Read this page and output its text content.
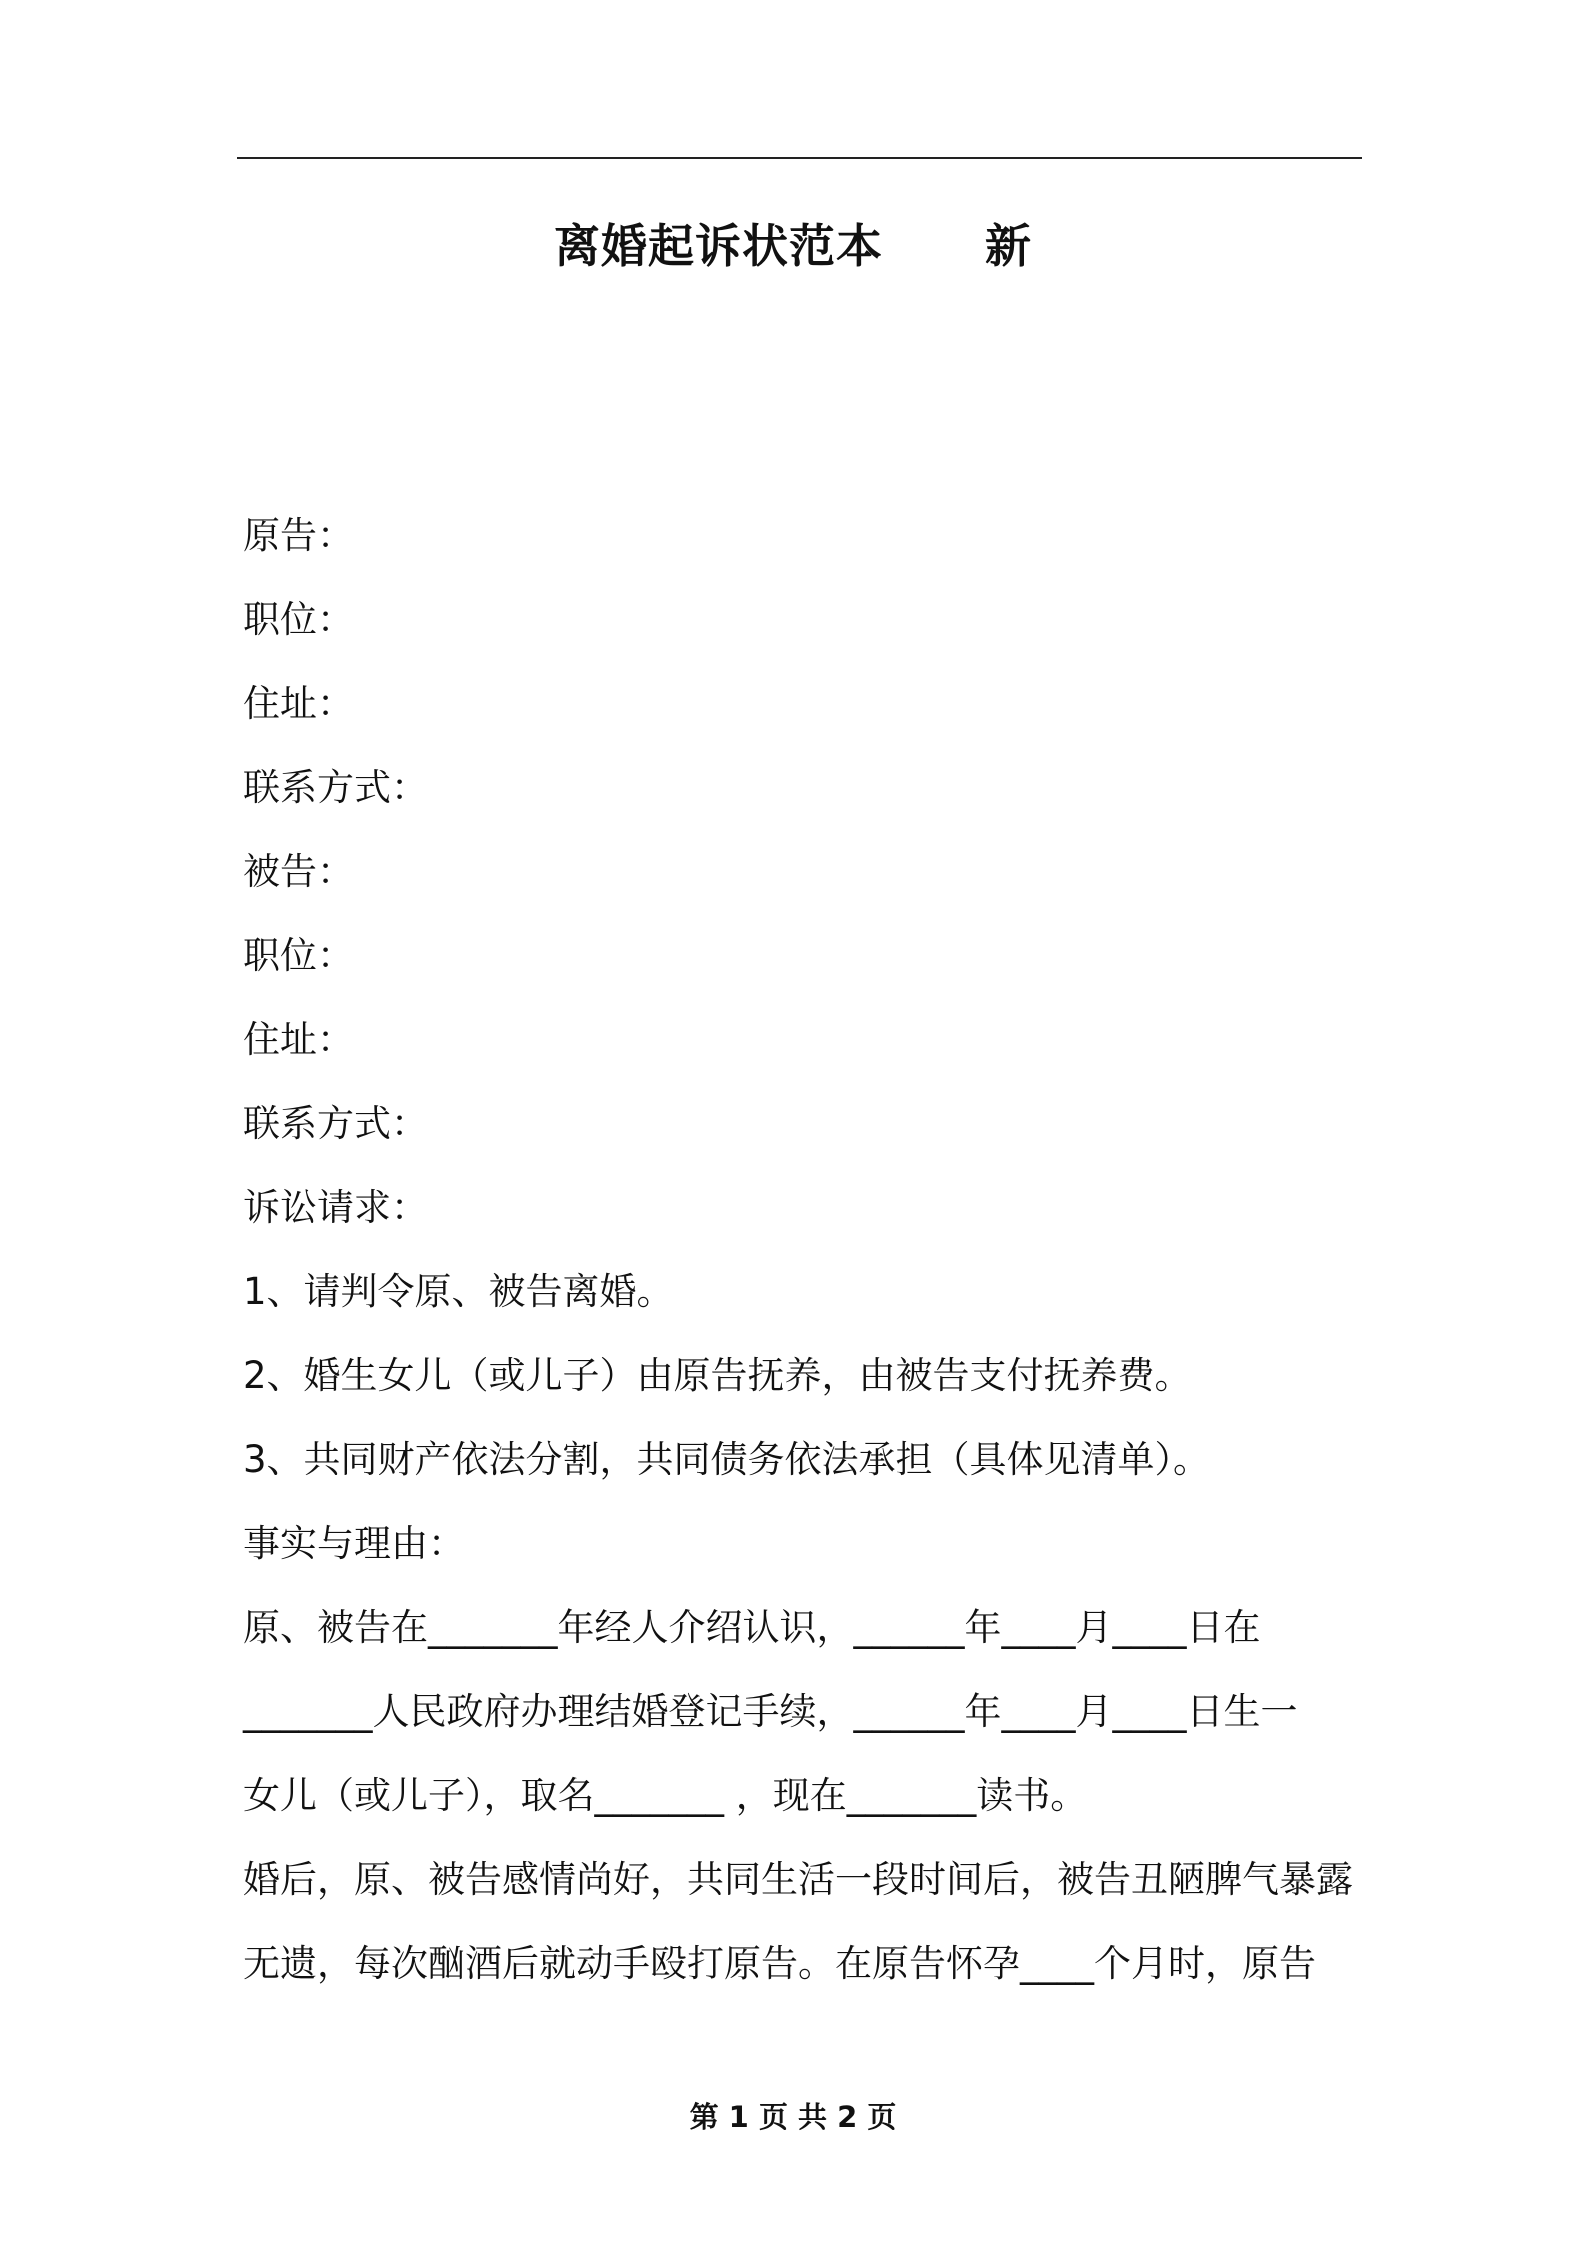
离婚起诉状范本      新
原告：
职位：
住址：
联系方式：
被告：
职位：
住址：
联系方式：
诉讼请求：
1、请判令原、被告离婚。
2、婚生女儿（或儿子）由原告抚养，由被告支付抚养费。
3、共同财产依法分割，共同债务依法承担（具体见清单）。
事实与理由：
原、被告在_______年经人介绍认识，______年____月____日在
_______人民政府办理结婚登记手续，______年____月____日生一
女儿（或儿子），取名_______ ，现在_______读书。
婚后，原、被告感情尚好，共同生活一段时间后，被告丑陋脾气暴露
无遗，每次酗酒后就动手殴打原告。在原告怀孕____个月时，原告
第 1 页 共 2 页
